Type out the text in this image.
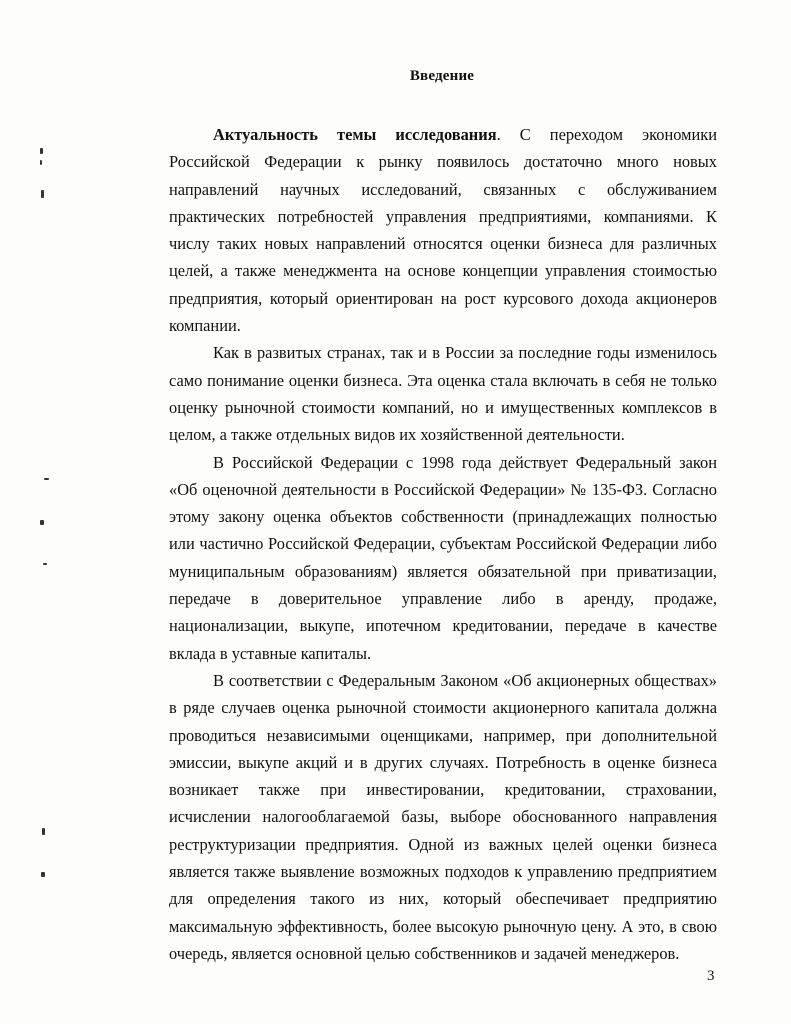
Введение

Актуальность темы исследования. С переходом экономики Российской Федерации к рынку появилось достаточно много новых направлений научных исследований, связанных с обслуживанием практических потребностей управления предприятиями, компаниями. К числу таких новых направлений относятся оценки бизнеса для различных целей, а также менеджмента на основе концепции управления стоимостью предприятия, который ориентирован на рост курсового дохода акционеров компании.

Как в развитых странах, так и в России за последние годы изменилось само понимание оценки бизнеса. Эта оценка стала включать в себя не только оценку рыночной стоимости компаний, но и имущественных комплексов в целом, а также отдельных видов их хозяйственной деятельности.

В Российской Федерации с 1998 года действует Федеральный закон «Об оценочной деятельности в Российской Федерации» № 135-ФЗ. Согласно этому закону оценка объектов собственности (принадлежащих полностью или частично Российской Федерации, субъектам Российской Федерации либо муниципальным образованиям) является обязательной при приватизации, передаче в доверительное управление либо в аренду, продаже, национализации, выкупе, ипотечном кредитовании, передаче в качестве вклада в уставные капиталы.

В соответствии с Федеральным Законом «Об акционерных обществах» в ряде случаев оценка рыночной стоимости акционерного капитала должна проводиться независимыми оценщиками, например, при дополнительной эмиссии, выкупе акций и в других случаях. Потребность в оценке бизнеса возникает также при инвестировании, кредитовании, страховании, исчислении налогооблагаемой базы, выборе обоснованного направления реструктуризации предприятия. Одной из важных целей оценки бизнеса является также выявление возможных подходов к управлению предприятием для определения такого из них, который обеспечивает предприятию максимальную эффективность, более высокую рыночную цену. А это, в свою очередь, является основной целью собственников и задачей менеджеров.

3
